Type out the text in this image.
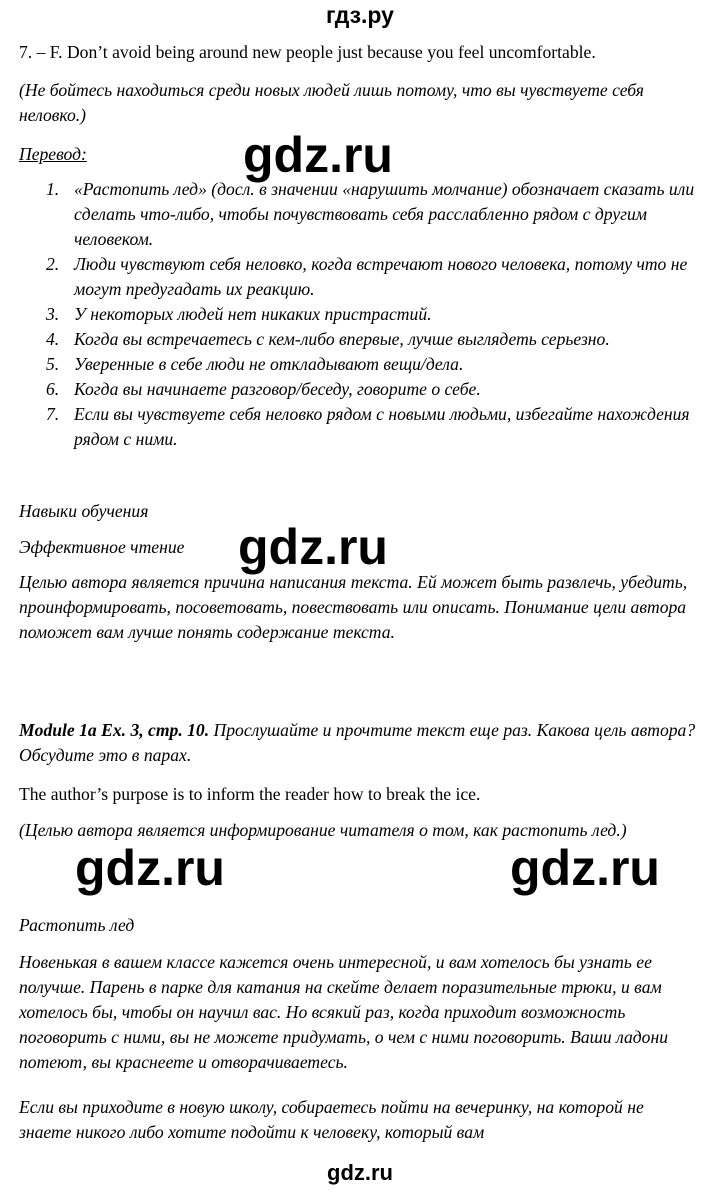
гдз.ру
7. – F. Don’t avoid being around new people just because you feel uncomfortable.
(Не бойтесь находиться среди новых людей лишь потому, что вы чувствуете себя неловко.)
Перевод:
1. «Растопить лед» (досл. в значении «нарушить молчание) обозначает сказать или сделать что-либо, чтобы почувствовать себя расслабленно рядом с другим человеком.
2. Люди чувствуют себя неловко, когда встречают нового человека, потому что не могут предугадать их реакцию.
3. У некоторых людей нет никаких пристрастий.
4. Когда вы встречаетесь с кем-либо впервые, лучше выглядеть серьезно.
5. Уверенные в себе люди не откладывают вещи/дела.
6. Когда вы начинаете разговор/беседу, говорите о себе.
7. Если вы чувствуете себя неловко рядом с новыми людьми, избегайте нахождения рядом с ними.
Навыки обучения
Эффективное чтение
Целью автора является причина написания текста. Ей может быть развлечь, убедить, проинформировать, посоветовать, повествовать или описать. Понимание цели автора поможет вам лучше понять содержание текста.
Module 1a Ex. 3, стр. 10. Прослушайте и прочтите текст еще раз. Какова цель автора? Обсудите это в парах.
The author’s purpose is to inform the reader how to break the ice.
(Целью автора является информирование читателя о том, как растопить лед.)
Растопить лед
Новенькая в вашем классе кажется очень интересной, и вам хотелось бы узнать ее получше. Парень в парке для катания на скейте делает поразительные трюки, и вам хотелось бы, чтобы он научил вас. Но всякий раз, когда приходит возможность поговорить с ними, вы не можете придумать, о чем с ними поговорить. Ваши ладони потеют, вы краснеете и отворачиваетесь.
Если вы приходите в новую школу, собираетесь пойти на вечеринку, на которой не знаете никого либо хотите подойти к человеку, который вам
gdz.ru
gdz.ru
gdz.ru	gdz.ru
gdz.ru
